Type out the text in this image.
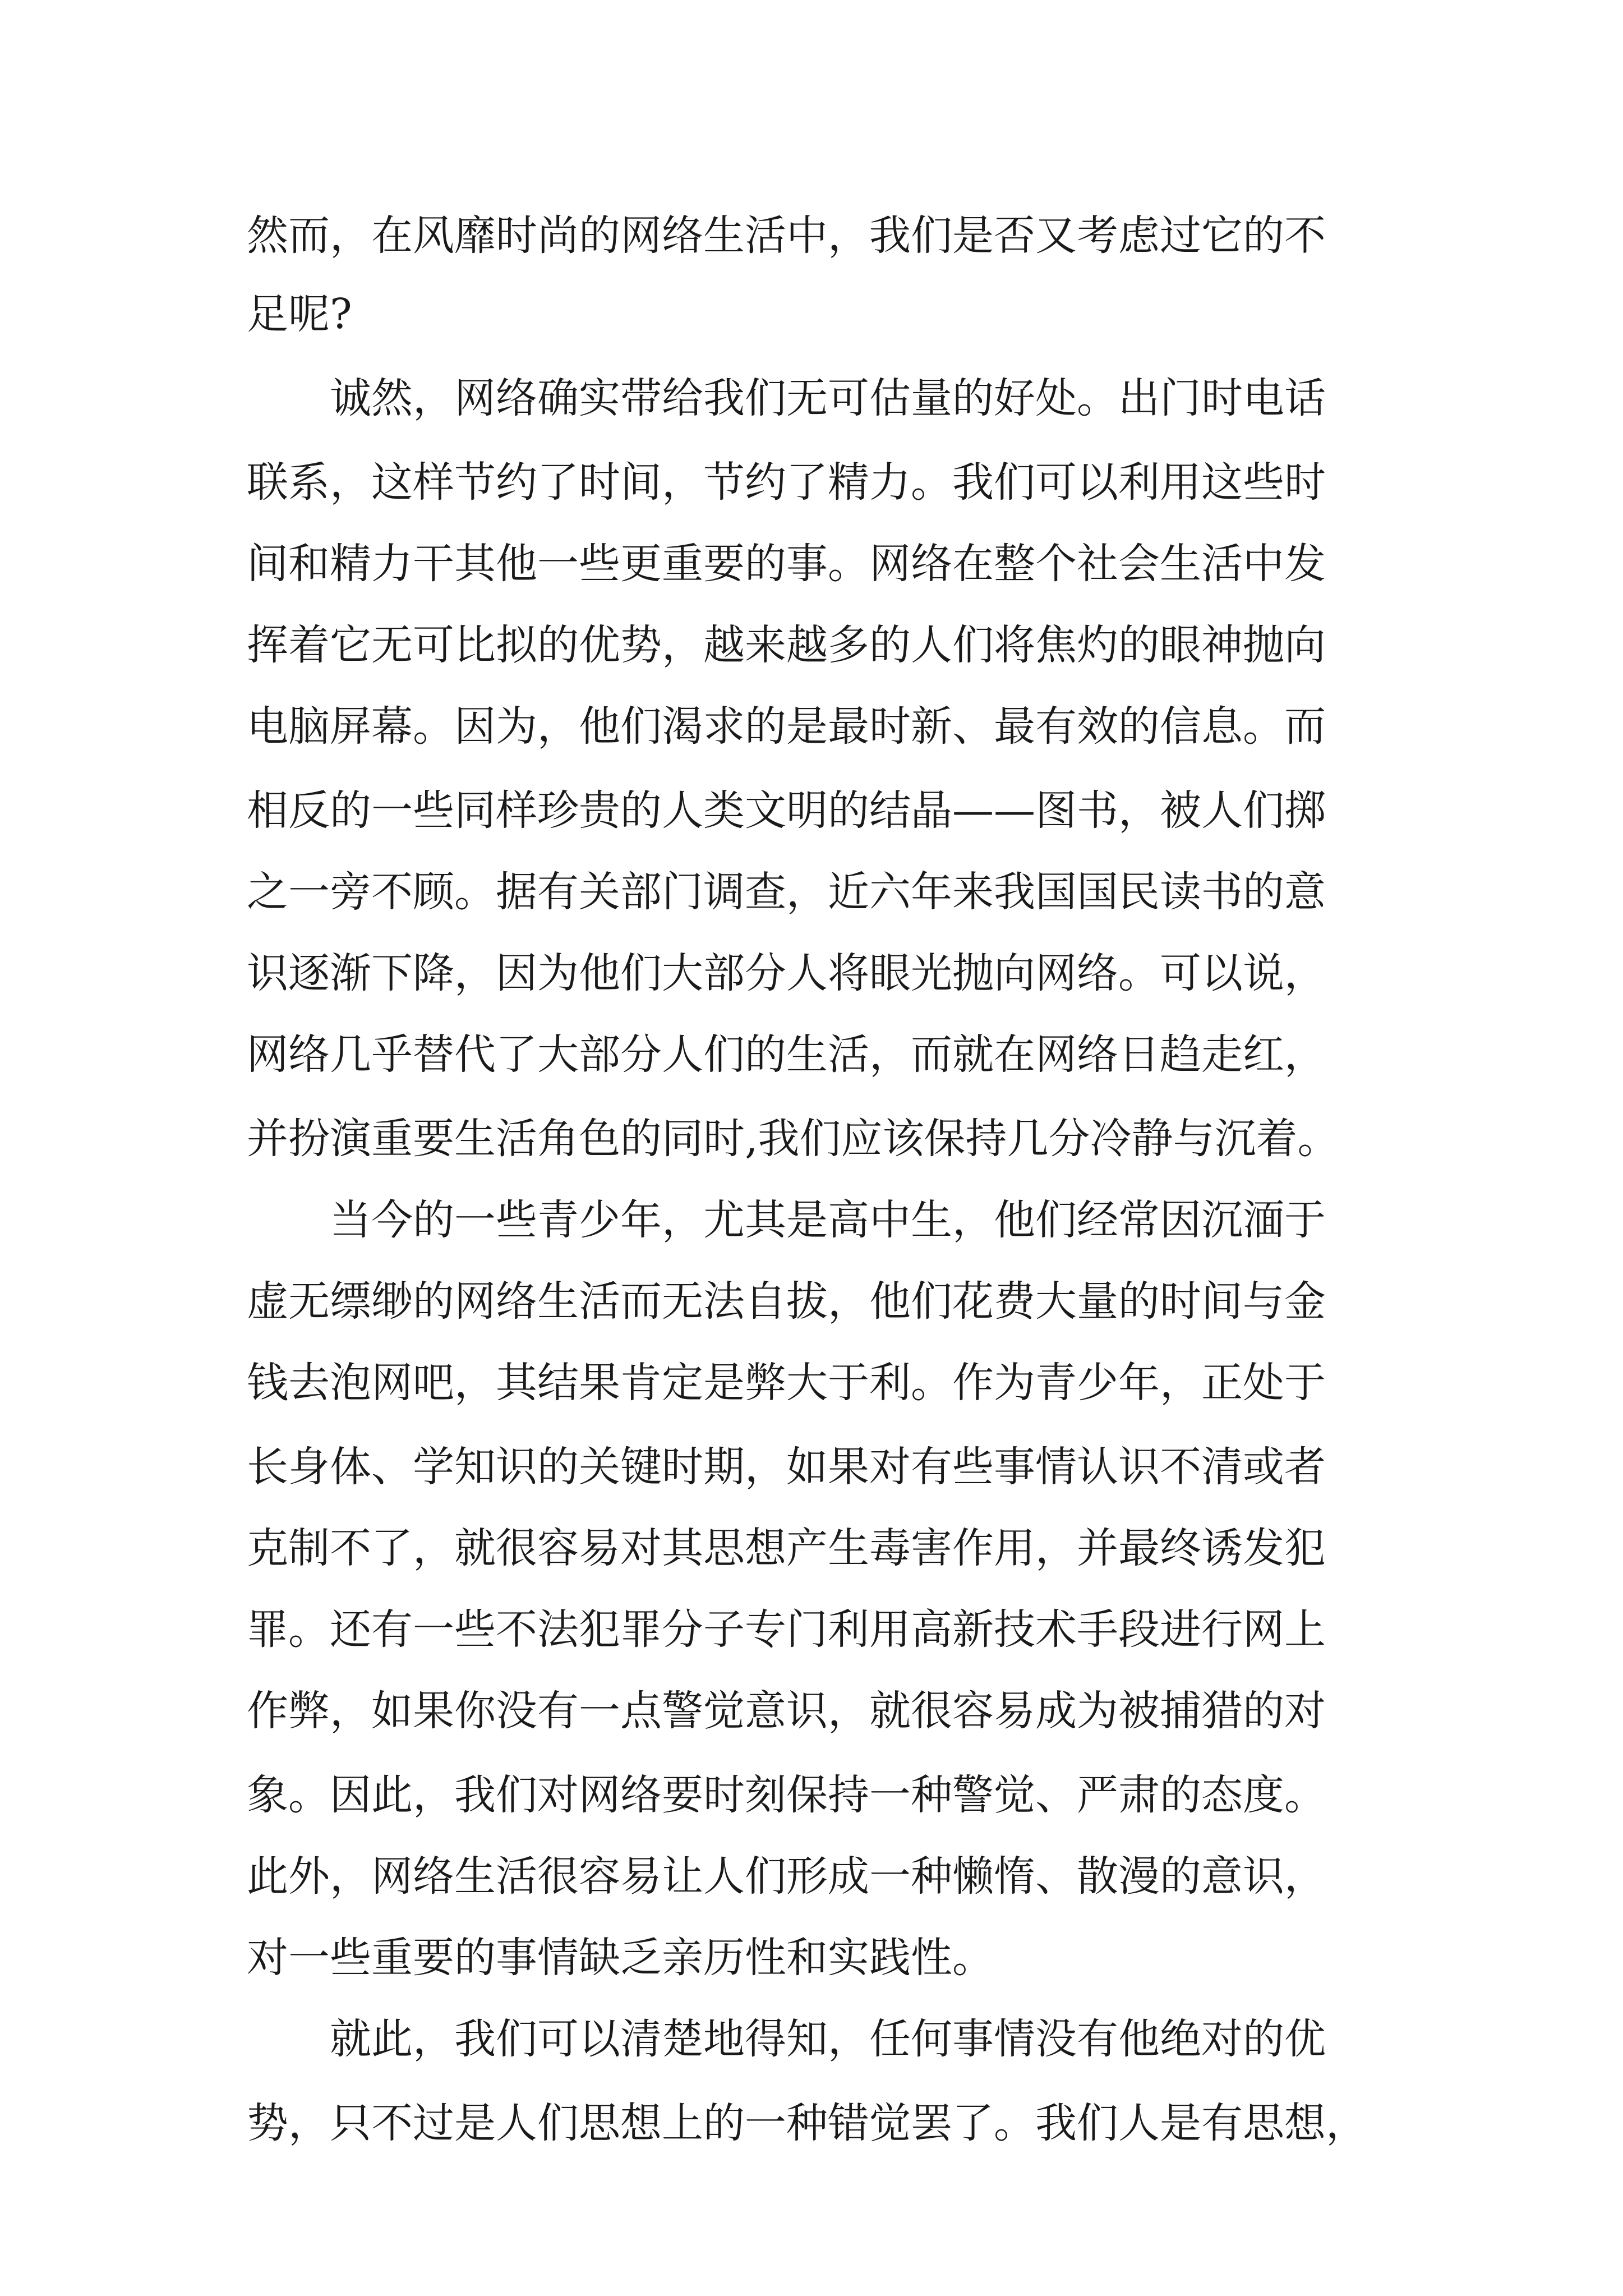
然而，在风靡时尚的网络生活中，我们是否又考虑过它的不
足呢?
　　诚然，网络确实带给我们无可估量的好处。出门时电话
联系，这样节约了时间，节约了精力。我们可以利用这些时
间和精力干其他一些更重要的事。网络在整个社会生活中发
挥着它无可比拟的优势，越来越多的人们将焦灼的眼神抛向
电脑屏幕。因为，他们渴求的是最时新、最有效的信息。而
相反的一些同样珍贵的人类文明的结晶——图书，被人们掷
之一旁不顾。据有关部门调查，近六年来我国国民读书的意
识逐渐下降，因为他们大部分人将眼光抛向网络。可以说，
网络几乎替代了大部分人们的生活，而就在网络日趋走红，
并扮演重要生活角色的同时,我们应该保持几分冷静与沉着。
　　当今的一些青少年，尤其是高中生，他们经常因沉湎于
虚无缥缈的网络生活而无法自拔，他们花费大量的时间与金
钱去泡网吧，其结果肯定是弊大于利。作为青少年，正处于
长身体、学知识的关键时期，如果对有些事情认识不清或者
克制不了，就很容易对其思想产生毒害作用，并最终诱发犯
罪。还有一些不法犯罪分子专门利用高新技术手段进行网上
作弊，如果你没有一点警觉意识，就很容易成为被捕猎的对
象。因此，我们对网络要时刻保持一种警觉、严肃的态度。
此外，网络生活很容易让人们形成一种懒惰、散漫的意识，
对一些重要的事情缺乏亲历性和实践性。
　　就此，我们可以清楚地得知，任何事情没有他绝对的优
势，只不过是人们思想上的一种错觉罢了。我们人是有思想，
